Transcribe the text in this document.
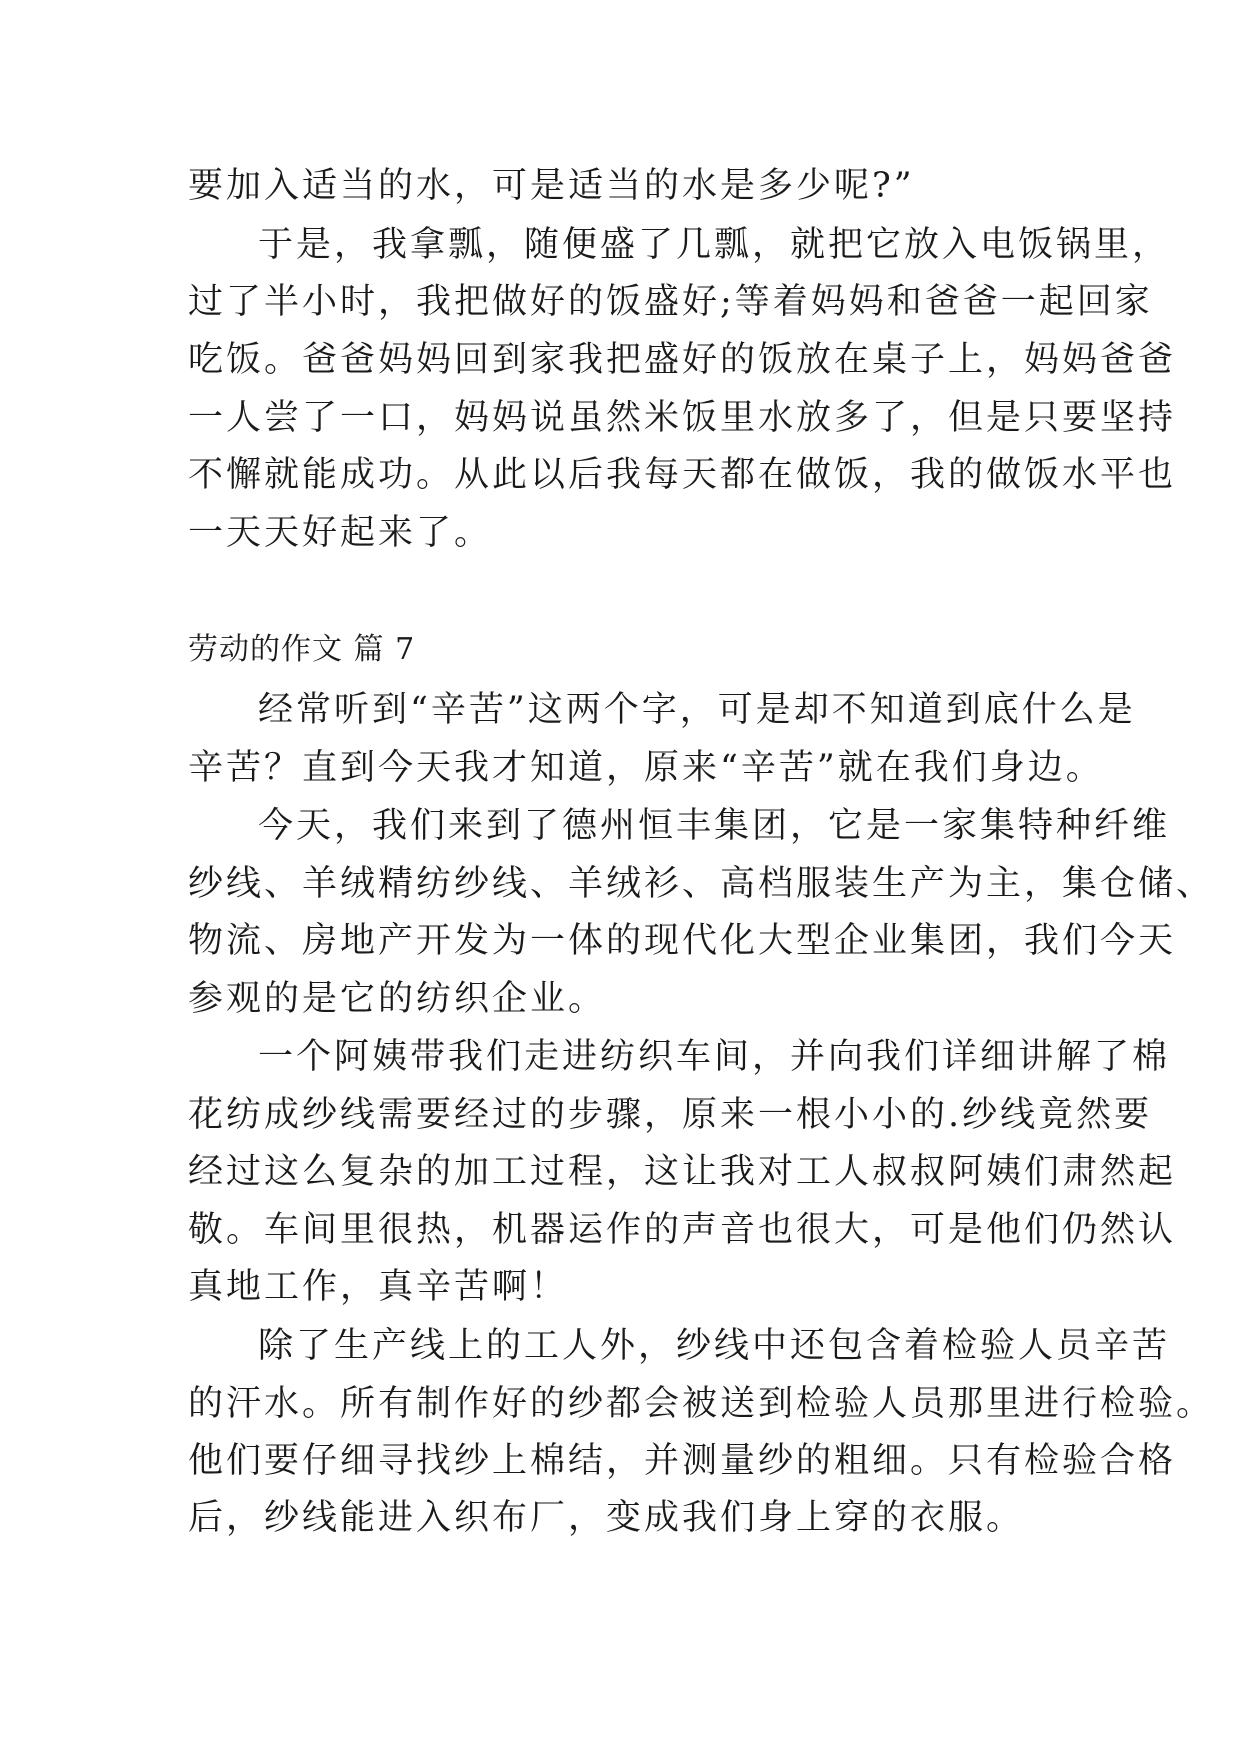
要加入适当的水，可是适当的水是多少呢?”
于是，我拿瓢，随便盛了几瓢，就把它放入电饭锅里，
过了半小时，我把做好的饭盛好;等着妈妈和爸爸一起回家
吃饭。爸爸妈妈回到家我把盛好的饭放在桌子上，妈妈爸爸
一人尝了一口，妈妈说虽然米饭里水放多了，但是只要坚持
不懈就能成功。从此以后我每天都在做饭，我的做饭水平也
一天天好起来了。
劳动的作文 篇 7
经常听到“辛苦”这两个字，可是却不知道到底什么是
辛苦？直到今天我才知道，原来“辛苦”就在我们身边。
今天，我们来到了德州恒丰集团，它是一家集特种纤维
纱线、羊绒精纺纱线、羊绒衫、高档服装生产为主，集仓储、
物流、房地产开发为一体的现代化大型企业集团，我们今天
参观的是它的纺织企业。
一个阿姨带我们走进纺织车间，并向我们详细讲解了棉
花纺成纱线需要经过的步骤，原来一根小小的.纱线竟然要
经过这么复杂的加工过程，这让我对工人叔叔阿姨们肃然起
敬。车间里很热，机器运作的声音也很大，可是他们仍然认
真地工作，真辛苦啊！
除了生产线上的工人外，纱线中还包含着检验人员辛苦
的汗水。所有制作好的纱都会被送到检验人员那里进行检验。
他们要仔细寻找纱上棉结，并测量纱的粗细。只有检验合格
后，纱线能进入织布厂，变成我们身上穿的衣服。
